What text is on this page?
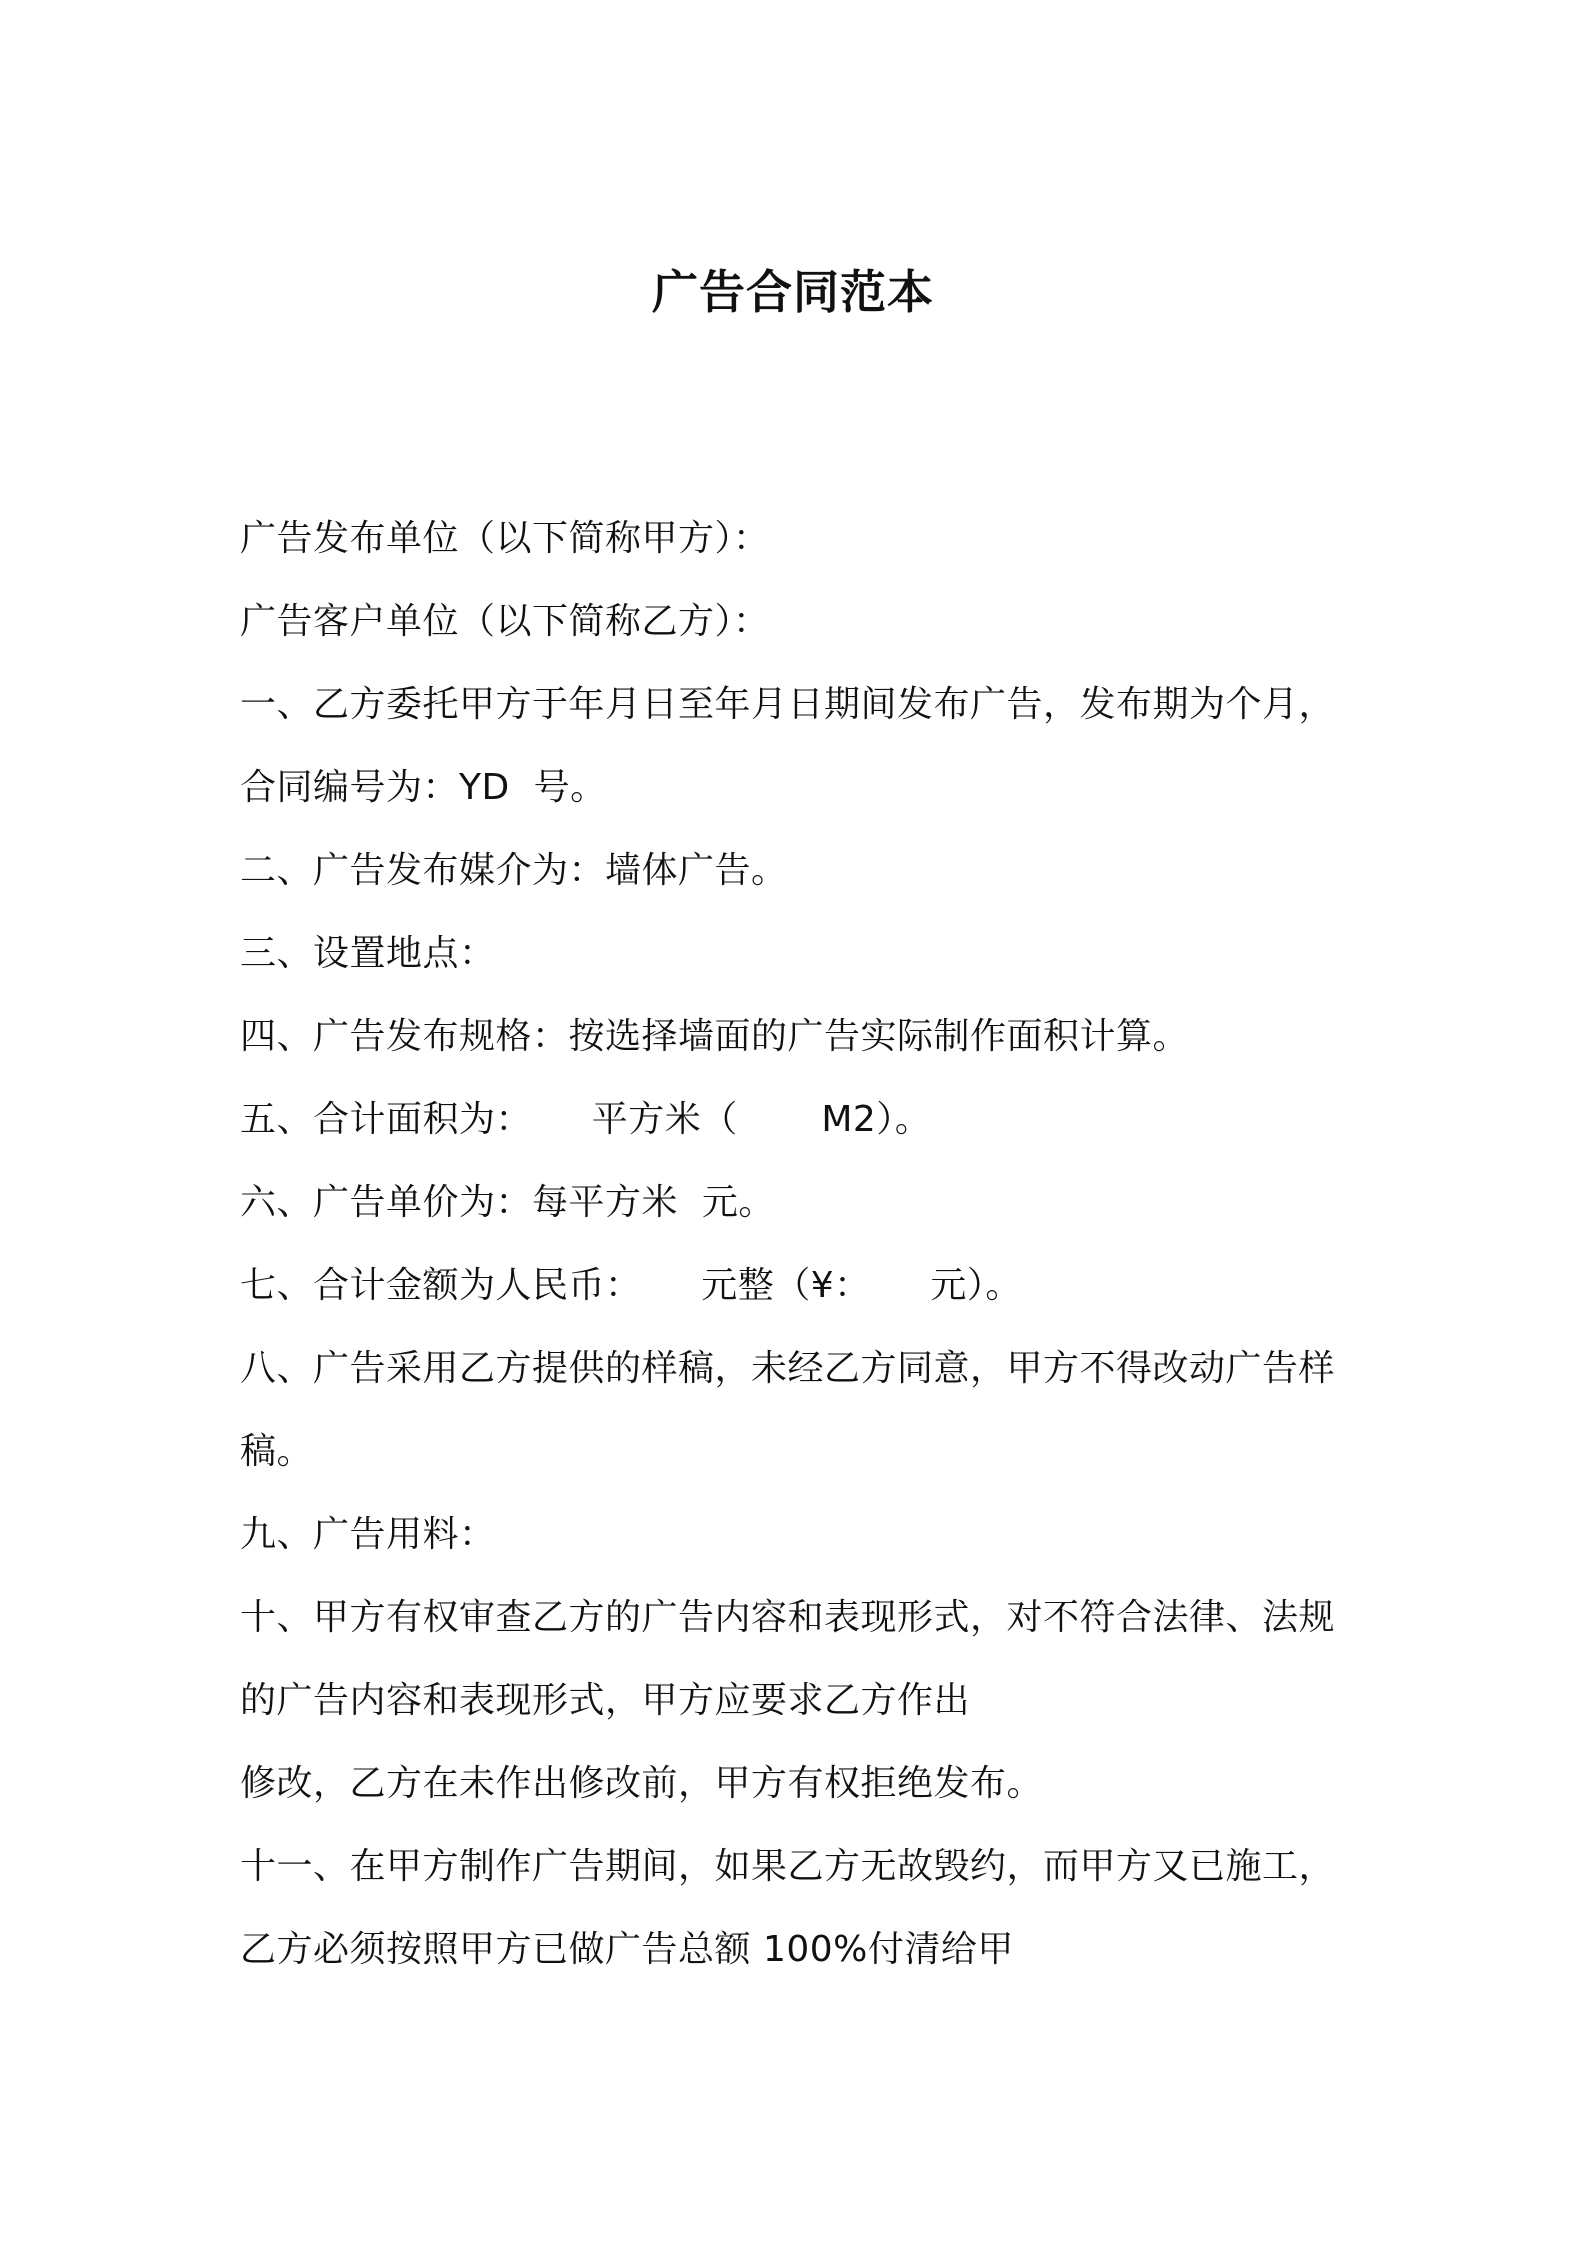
广告合同范本

广告发布单位（以下简称甲方）：

广告客户单位（以下简称乙方）：

一、乙方委托甲方于年月日至年月日期间发布广告，发布期为个月，

合同编号为：YD  号。

二、广告发布媒介为：墙体广告。

三、设置地点：

四、广告发布规格：按选择墙面的广告实际制作面积计算。

五、合计面积为：     平方米（       M2）。

六、广告单价为：每平方米  元。

七、合计金额为人民币：     元整（¥：     元）。

八、广告采用乙方提供的样稿，未经乙方同意，甲方不得改动广告样

稿。

九、广告用料：

十、甲方有权审查乙方的广告内容和表现形式，对不符合法律、法规

的广告内容和表现形式，甲方应要求乙方作出

修改，乙方在未作出修改前，甲方有权拒绝发布。

十一、在甲方制作广告期间，如果乙方无故毁约，而甲方又已施工，

乙方必须按照甲方已做广告总额 100%付清给甲
